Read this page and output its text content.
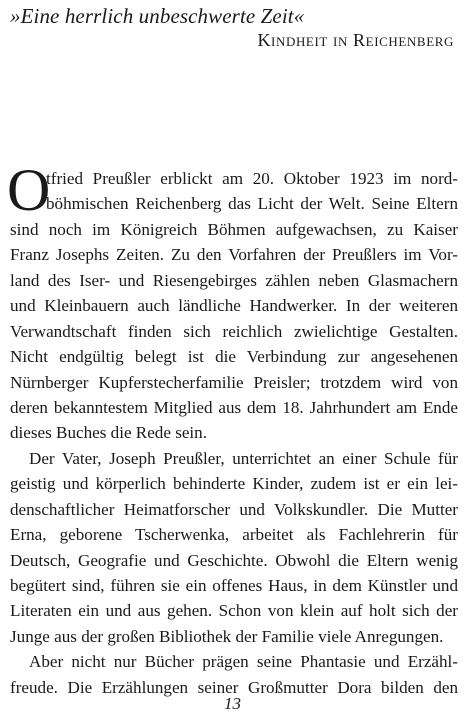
»Eine herrlich unbeschwerte Zeit«
Kindheit in Reichenberg
O
tfried Preußler erblickt am 20. Oktober 1923 im nord-
böhmischen Reichenberg das Licht der Welt. Seine Eltern
sind noch im Königreich Böhmen aufgewachsen, zu Kaiser
Franz Josephs Zeiten. Zu den Vorfahren der Preußlers im Vor-
land des Iser- und Riesengebirges zählen neben Glasmachern
und Kleinbauern auch ländliche Handwerker. In der weiteren
Verwandtschaft finden sich reichlich zwielichtige Gestalten.
Nicht endgültig belegt ist die Verbindung zur angesehenen
Nürnberger Kupferstecherfamilie Preisler; trotzdem wird von
deren bekanntestem Mitglied aus dem 18. Jahrhundert am Ende
dieses Buches die Rede sein.
Der Vater, Joseph Preußler, unterrichtet an einer Schule für
geistig und körperlich behinderte Kinder, zudem ist er ein lei-
denschaftlicher Heimatforscher und Volkskundler. Die Mutter
Erna, geborene Tscherwenka, arbeitet als Fachlehrerin für
Deutsch, Geografie und Geschichte. Obwohl die Eltern wenig
begütert sind, führen sie ein offenes Haus, in dem Künstler und
Literaten ein und aus gehen. Schon von klein auf holt sich der
Junge aus der großen Bibliothek der Familie viele Anregungen.
Aber nicht nur Bücher prägen seine Phantasie und Erzähl-
freude. Die Erzählungen seiner Großmutter Dora bilden den
13
